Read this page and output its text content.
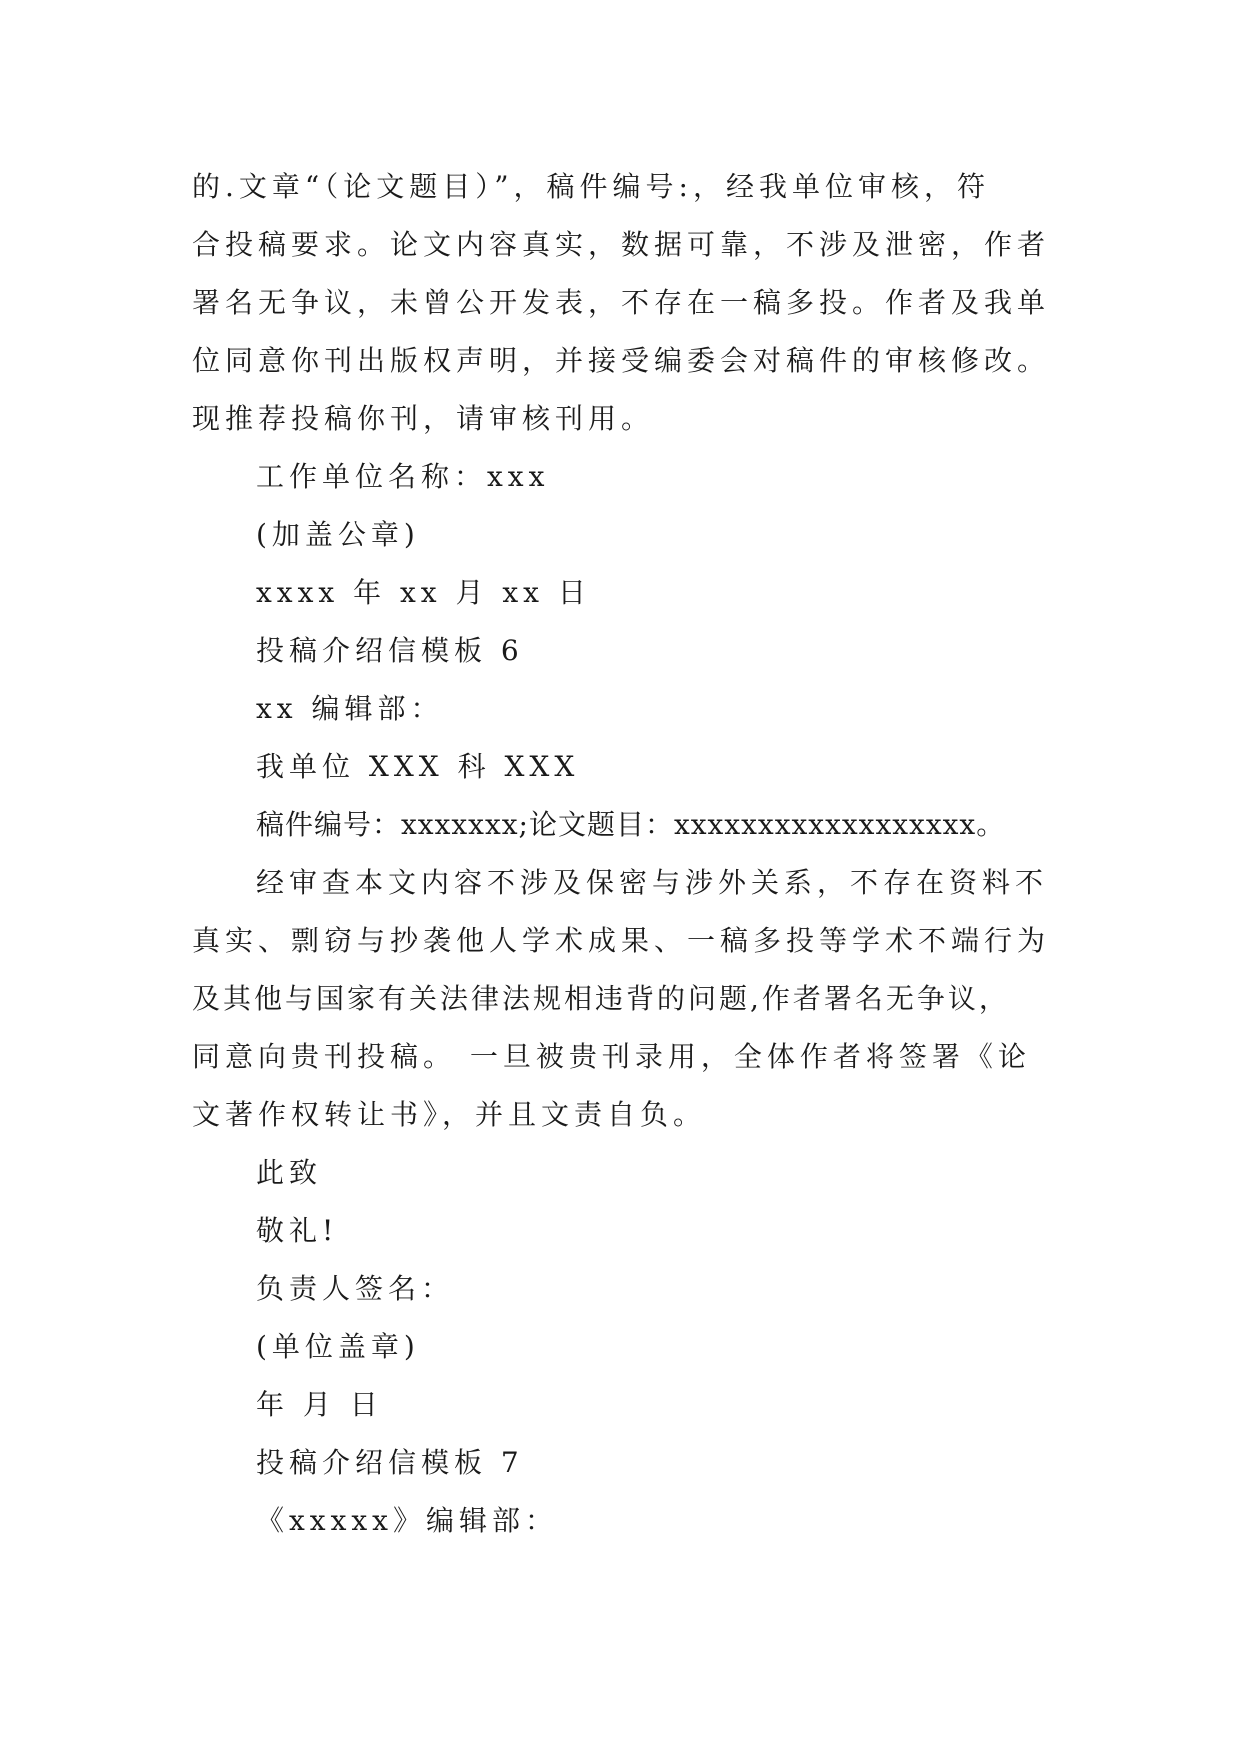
的.文章“（论文题目）”，稿件编号:，经我单位审核，符
合投稿要求。论文内容真实，数据可靠，不涉及泄密，作者
署名无争议，未曾公开发表，不存在一稿多投。作者及我单
位同意你刊出版权声明，并接受编委会对稿件的审核修改。
现推荐投稿你刊，请审核刊用。
工作单位名称：xxx
(加盖公章)
xxxx 年 xx 月 xx 日
投稿介绍信模板 6
xx 编辑部：
我单位 XXX 科 XXX
稿件编号：xxxxxxx;论文题目：xxxxxxxxxxxxxxxxxx。
经审查本文内容不涉及保密与涉外关系，不存在资料不
真实、剽窃与抄袭他人学术成果、一稿多投等学术不端行为
及其他与国家有关法律法规相违背的问题,作者署名无争议，
同意向贵刊投稿。 一旦被贵刊录用，全体作者将签署《论
文著作权转让书》，并且文责自负。
此致
敬礼!
负责人签名：
(单位盖章)
年 月 日
投稿介绍信模板 7
《xxxxx》编辑部：
